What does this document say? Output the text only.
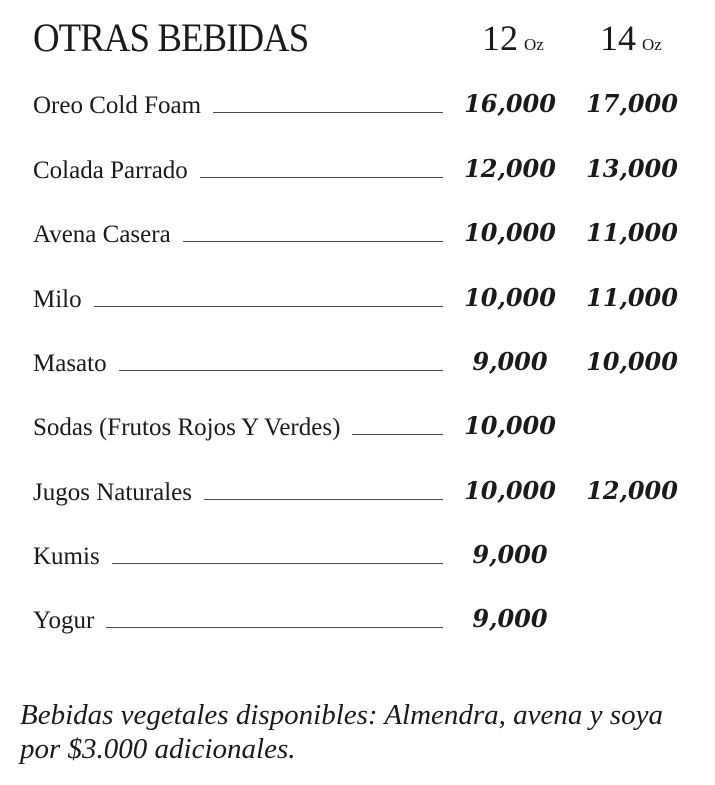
OTRAS BEBIDAS	12 Oz 14 Oz
Oreo Cold Foam	16,000	17,000
Colada Parrado	12,000	13,000
Avena Casera	10,000	11,000
Milo	10,000	11,000
Masato	9,000	10,000
Sodas (Frutos Rojos Y Verdes)	10,000
Jugos Naturales	10,000	12,000
Kumis	9,000
Yogur	9,000
Bebidas vegetales disponibles: Almendra, avena y soya por $3.000 adicionales.
